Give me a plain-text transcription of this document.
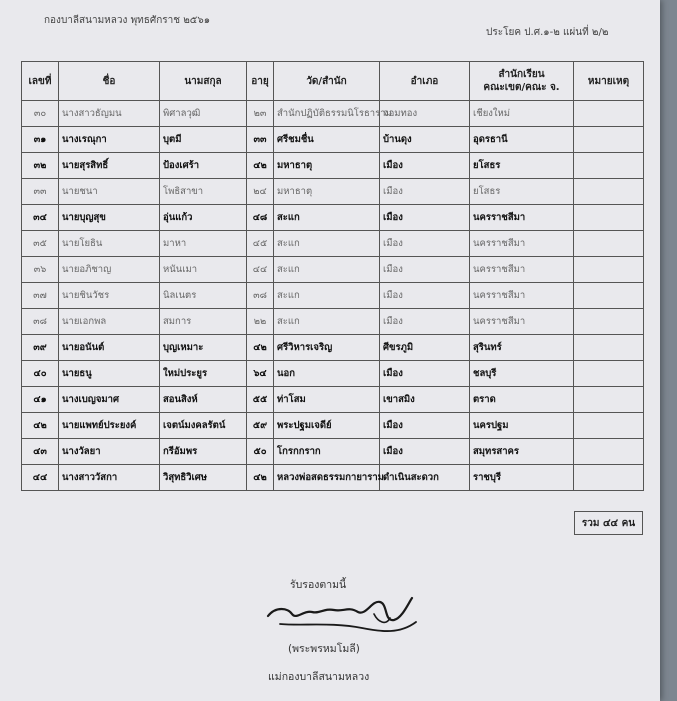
กองบาลีสนามหลวง พุทธศักราช ๒๕๖๑
ประโยค ป.ศ.๑-๒ แผ่นที่ ๒/๒
เลขที่	ชื่อ	นามสกุล	อายุ	วัด/สำนัก	อำเภอ	สำนักเรียน
คณะเขต/คณะ จ.	หมายเหตุ
๓๐	นางสาวธัญมน	พิศาลวุฒิ	๒๓	สำนักปฏิบัติธรรมนิโรธาราม	จอมทอง	เชียงใหม่	
๓๑	นางเรณุกา	บุตมี	๓๓	ศรีชมชื่น	บ้านดุง	อุดรธานี	
๓๒	นายสุรสิทธิ์	ป้องเศร้า	๔๒	มหาธาตุ	เมือง	ยโสธร	
๓๓	นายชนา	โพธิสาขา	๒๔	มหาธาตุ	เมือง	ยโสธร	
๓๔	นายบุญสุข	อุ่นแก้ว	๔๘	สะแก	เมือง	นครราชสีมา	
๓๕	นายโยธิน	มาหา	๔๕	สะแก	เมือง	นครราชสีมา	
๓๖	นายอภิชาญ	หนันเมา	๔๔	สะแก	เมือง	นครราชสีมา	
๓๗	นายชินวัชร	นิลเนตร	๓๘	สะแก	เมือง	นครราชสีมา	
๓๘	นายเอกพล	สมการ	๒๒	สะแก	เมือง	นครราชสีมา	
๓๙	นายอนันต์	บุญเหมาะ	๔๒	ศรีวิหารเจริญ	ศีขรภูมิ	สุรินทร์	
๔๐	นายธนู	ใหม่ประยูร	๖๔	นอก	เมือง	ชลบุรี	
๔๑	นางเบญจมาศ	สอนสิงห์	๕๕	ท่าโสม	เขาสมิง	ตราด	
๔๒	นายแพทย์ประยงค์	เจตน์มงคลรัตน์	๕๙	พระปฐมเจดีย์	เมือง	นครปฐม	
๔๓	นางวัลยา	กรีอัมพร	๕๐	โกรกกราก	เมือง	สมุทรสาคร	
๔๔	นางสาววัสกา	วิสุทธิวิเศษ	๔๒	หลวงพ่อสดธรรมกายาราม	ดำเนินสะดวก	ราชบุรี	
รวม ๔๔ คน
รับรองตามนี้
(พระพรหมโมลี)
แม่กองบาลีสนามหลวง
